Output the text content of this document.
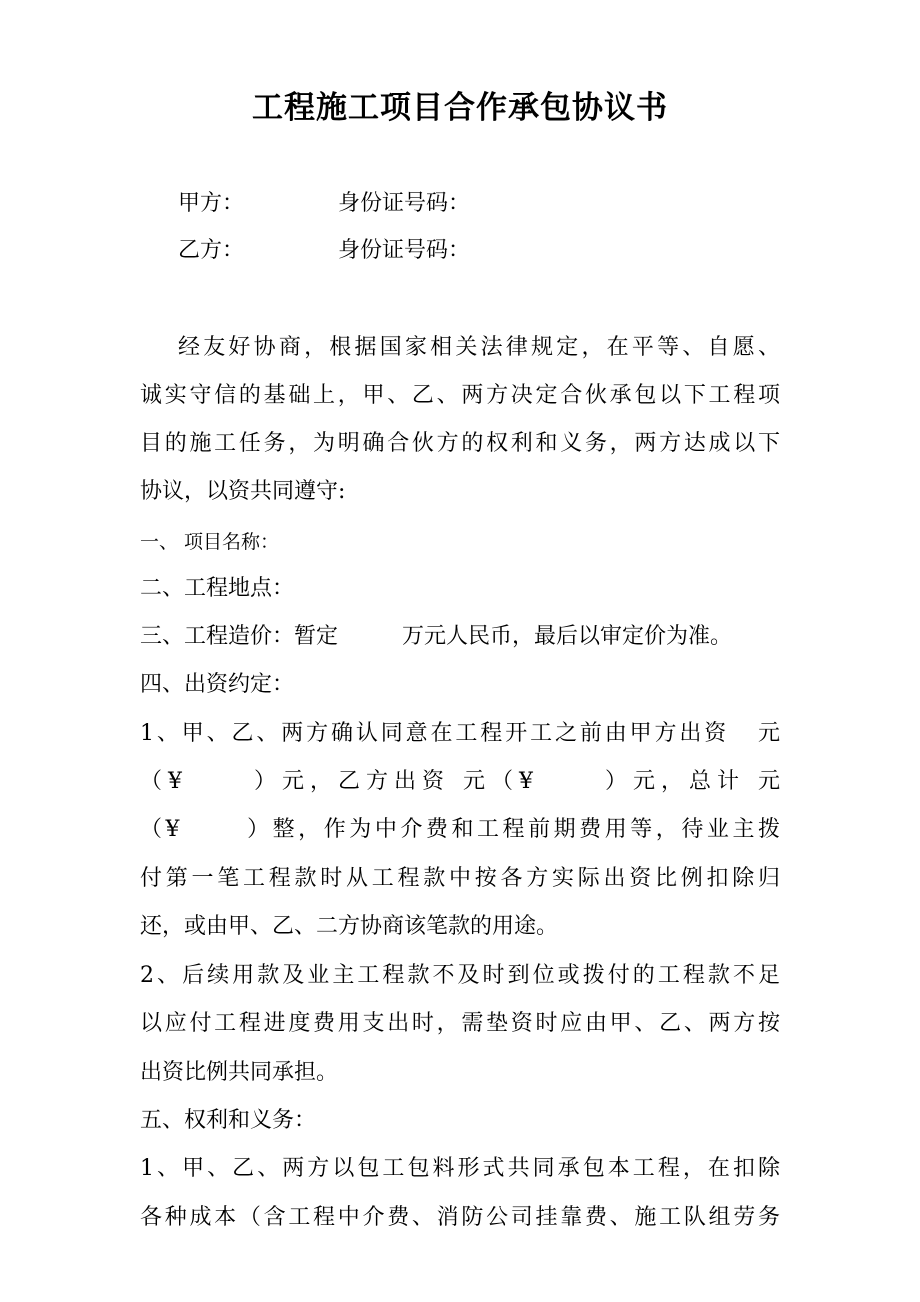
工程施工项目合作承包协议书
甲方：	身份证号码：
乙方：	身份证号码：
经友好协商，根据国家相关法律规定，在平等、自愿、
诚实守信的基础上，甲、乙、两方决定合伙承包以下工程项
目的施工任务，为明确合伙方的权利和义务，两方达成以下
协议，以资共同遵守:
一、 项目名称：
二、工程地点：
三、工程造价：暂定	万元人民币，最后以审定价为准。
四、出资约定：
1、甲、乙、两方确认同意在工程开工之前由甲方出资 元
（¥	）元，乙方出资 元（¥	）元，总计 元
（¥	）整，作为中介费和工程前期费用等，待业主拨
付第一笔工程款时从工程款中按各方实际出资比例扣除归
还，或由甲、乙、二方协商该笔款的用途。
2、后续用款及业主工程款不及时到位或拨付的工程款不足
以应付工程进度费用支出时，需垫资时应由甲、乙、两方按
出资比例共同承担。
五、权利和义务：
1、甲、乙、两方以包工包料形式共同承包本工程，在扣除
各种成本（含工程中介费、消防公司挂靠费、施工队组劳务
